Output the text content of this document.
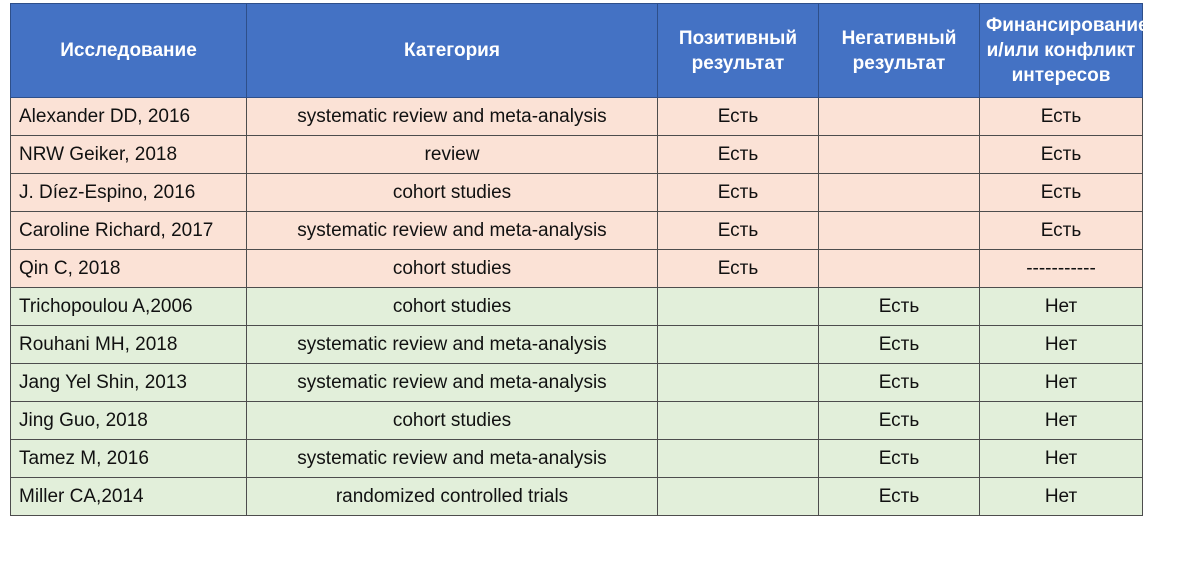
Исследование	Категория	Позитивный результат	Негативный результат	Финансирование и/или конфликт интересов
Alexander DD, 2016	systematic review and meta-analysis	Есть		Есть
NRW Geiker, 2018	review	Есть		Есть
J. Díez-Espino, 2016	cohort studies	Есть		Есть
Caroline Richard, 2017	systematic review and meta-analysis	Есть		Есть
Qin C, 2018	cohort studies	Есть		-----------
Trichopoulou A,2006	cohort studies		Есть	Нет
Rouhani MH, 2018	systematic review and meta-analysis		Есть	Нет
Jang Yel Shin, 2013	systematic review and meta-analysis		Есть	Нет
Jing Guo, 2018	cohort studies		Есть	Нет
Tamez M, 2016	systematic review and meta-analysis		Есть	Нет
Miller CA,2014	randomized controlled trials		Есть	Нет
